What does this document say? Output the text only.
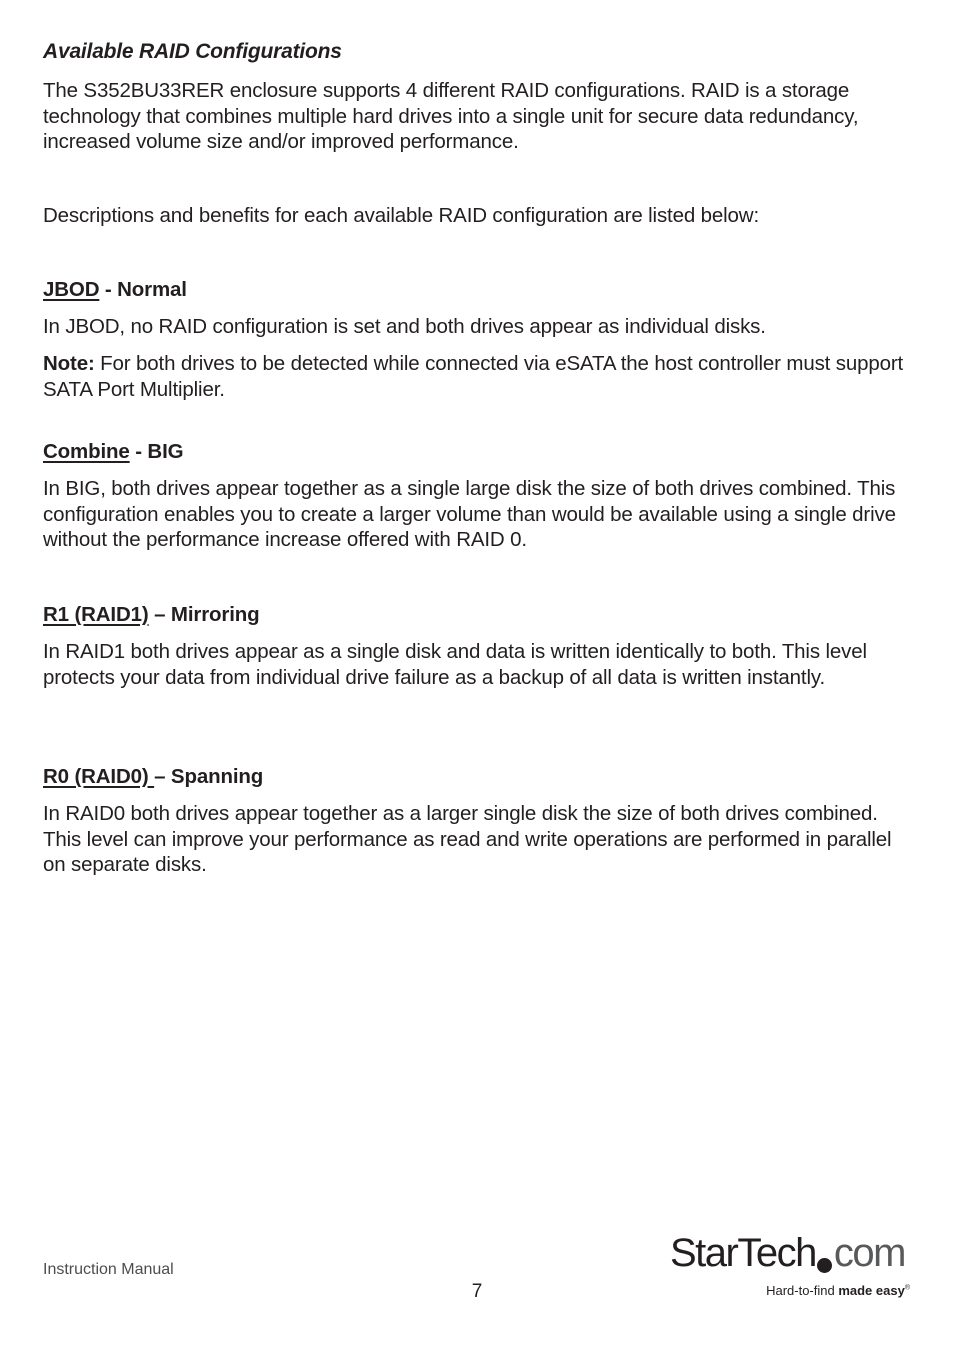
Available RAID Configurations

The S352BU33RER enclosure supports 4 different RAID configurations. RAID is a storage technology that combines multiple hard drives into a single unit for secure data redundancy, increased volume size and/or improved performance.

Descriptions and benefits for each available RAID configuration are listed below:

JBOD - Normal

In JBOD, no RAID configuration is set and both drives appear as individual disks.

Note: For both drives to be detected while connected via eSATA the host controller must support SATA Port Multiplier.

Combine - BIG

In BIG, both drives appear together as a single large disk the size of both drives combined. This configuration enables you to create a larger volume than would be available using a single drive without the performance increase offered with RAID 0.

R1 (RAID1) – Mirroring

In RAID1 both drives appear as a single disk and data is written identically to both. This level protects your data from individual drive failure as a backup of all data is written instantly.

R0 (RAID0) – Spanning

In RAID0 both drives appear together as a larger single disk the size of both drives combined. This level can improve your performance as read and write operations are performed in parallel on separate disks.

Instruction Manual
7
StarTech com
Hard-to-find made easy®
